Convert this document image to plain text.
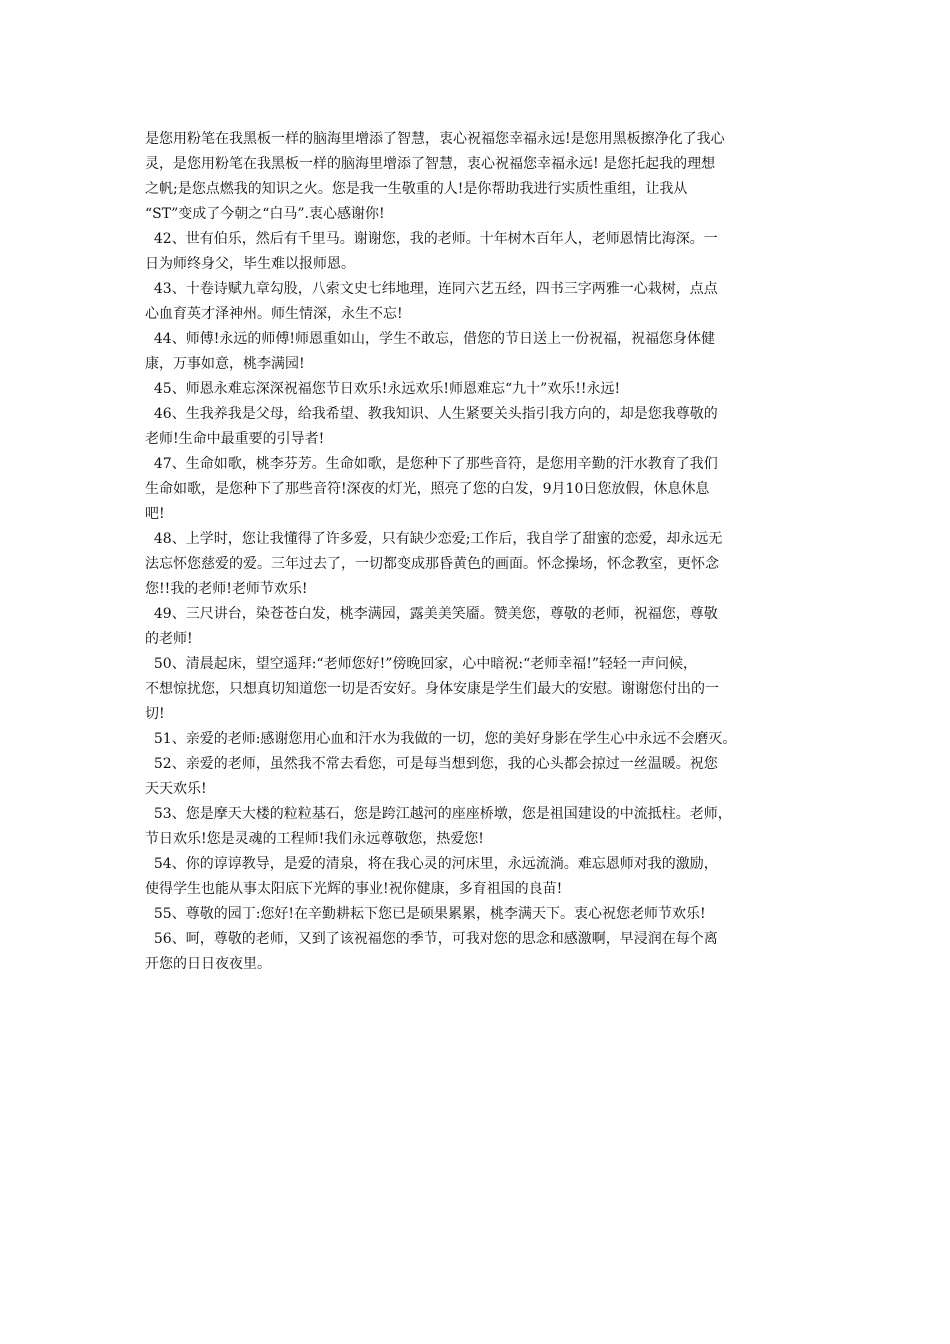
是您用粉笔在我黑板一样的脑海里增添了智慧，衷心祝福您幸福永远!是您用黑板擦净化了我心
灵，是您用粉笔在我黑板一样的脑海里增添了智慧，衷心祝福您幸福永远! 是您托起我的理想
之帆;是您点燃我的知识之火。您是我一生敬重的人!是你帮助我进行实质性重组，让我从
“ST”变成了今朝之“白马”.衷心感谢你!
42、世有伯乐，然后有千里马。谢谢您，我的老师。十年树木百年人，老师恩情比海深。一
日为师终身父，毕生难以报师恩。
43、十卷诗赋九章勾股，八索文史七纬地理，连同六艺五经，四书三字两雅一心栽树，点点
心血育英才泽神州。师生情深，永生不忘!
44、师傅!永远的师傅!师恩重如山，学生不敢忘，借您的节日送上一份祝福，祝福您身体健
康，万事如意，桃李满园!
45、师恩永难忘深深祝福您节日欢乐!永远欢乐!师恩难忘“九十”欢乐!!永远!
46、生我养我是父母，给我希望、教我知识、人生紧要关头指引我方向的，却是您我尊敬的
老师!生命中最重要的引导者!
47、生命如歌，桃李芬芳。生命如歌，是您种下了那些音符，是您用辛勤的汗水教育了我们
生命如歌，是您种下了那些音符!深夜的灯光，照亮了您的白发，9月10日您放假，休息休息
吧!
48、上学时，您让我懂得了许多爱，只有缺少恋爱;工作后，我自学了甜蜜的恋爱，却永远无
法忘怀您慈爱的爱。三年过去了，一切都变成那昏黄色的画面。怀念操场，怀念教室，更怀念
您!!我的老师!老师节欢乐!
49、三尺讲台，染苍苍白发，桃李满园，露美美笑靥。赞美您，尊敬的老师，祝福您，尊敬
的老师!
50、清晨起床，望空遥拜:“老师您好!”傍晚回家，心中暗祝:“老师幸福!”轻轻一声问候，
不想惊扰您，只想真切知道您一切是否安好。身体安康是学生们最大的安慰。谢谢您付出的一
切!
51、亲爱的老师:感谢您用心血和汗水为我做的一切，您的美好身影在学生心中永远不会磨灭。
52、亲爱的老师，虽然我不常去看您，可是每当想到您，我的心头都会掠过一丝温暖。祝您
天天欢乐!
53、您是摩天大楼的粒粒基石，您是跨江越河的座座桥墩，您是祖国建设的中流抵柱。老师，
节日欢乐!您是灵魂的工程师!我们永远尊敬您，热爱您!
54、你的谆谆教导，是爱的清泉，将在我心灵的河床里，永远流淌。难忘恩师对我的激励，
使得学生也能从事太阳底下光辉的事业!祝你健康，多育祖国的良苗!
55、尊敬的园丁:您好!在辛勤耕耘下您已是硕果累累，桃李满天下。衷心祝您老师节欢乐!
56、呵，尊敬的老师，又到了该祝福您的季节，可我对您的思念和感激啊，早浸润在每个离
开您的日日夜夜里。
